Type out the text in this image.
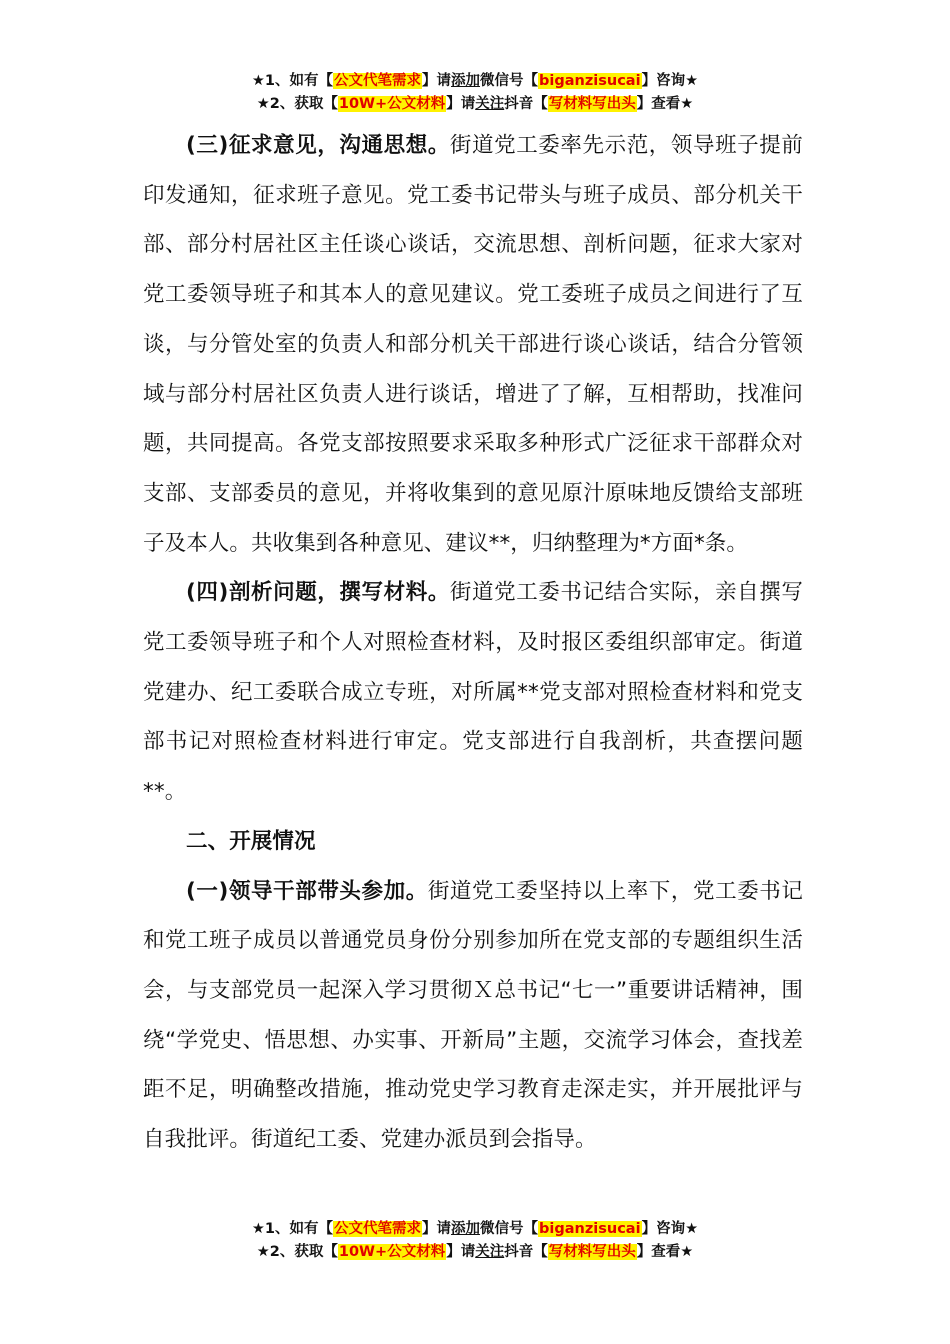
★1、如有【公文代笔需求】请添加微信号【biganzisucai】咨询★
★2、获取【10W+公文材料】请关注抖音【写材料写出头】查看★

(三)征求意见，沟通思想。街道党工委率先示范，领导班子提前印发通知，征求班子意见。党工委书记带头与班子成员、部分机关干部、部分村居社区主任谈心谈话，交流思想、剖析问题，征求大家对党工委领导班子和其本人的意见建议。党工委班子成员之间进行了互谈，与分管处室的负责人和部分机关干部进行谈心谈话，结合分管领域与部分村居社区负责人进行谈话，增进了了解，互相帮助，找准问题，共同提高。各党支部按照要求采取多种形式广泛征求干部群众对支部、支部委员的意见，并将收集到的意见原汁原味地反馈给支部班子及本人。共收集到各种意见、建议**，归纳整理为*方面*条。

(四)剖析问题，撰写材料。街道党工委书记结合实际，亲自撰写党工委领导班子和个人对照检查材料，及时报区委组织部审定。街道党建办、纪工委联合成立专班，对所属**党支部对照检查材料和党支部书记对照检查材料进行审定。党支部进行自我剖析，共查摆问题**。

二、开展情况

(一)领导干部带头参加。街道党工委坚持以上率下，党工委书记和党工班子成员以普通党员身份分别参加所在党支部的专题组织生活会，与支部党员一起深入学习贯彻Ｘ总书记“七一”重要讲话精神，围绕“学党史、悟思想、办实事、开新局”主题，交流学习体会，查找差距不足，明确整改措施，推动党史学习教育走深走实，并开展批评与自我批评。街道纪工委、党建办派员到会指导。

★1、如有【公文代笔需求】请添加微信号【biganzisucai】咨询★
★2、获取【10W+公文材料】请关注抖音【写材料写出头】查看★
